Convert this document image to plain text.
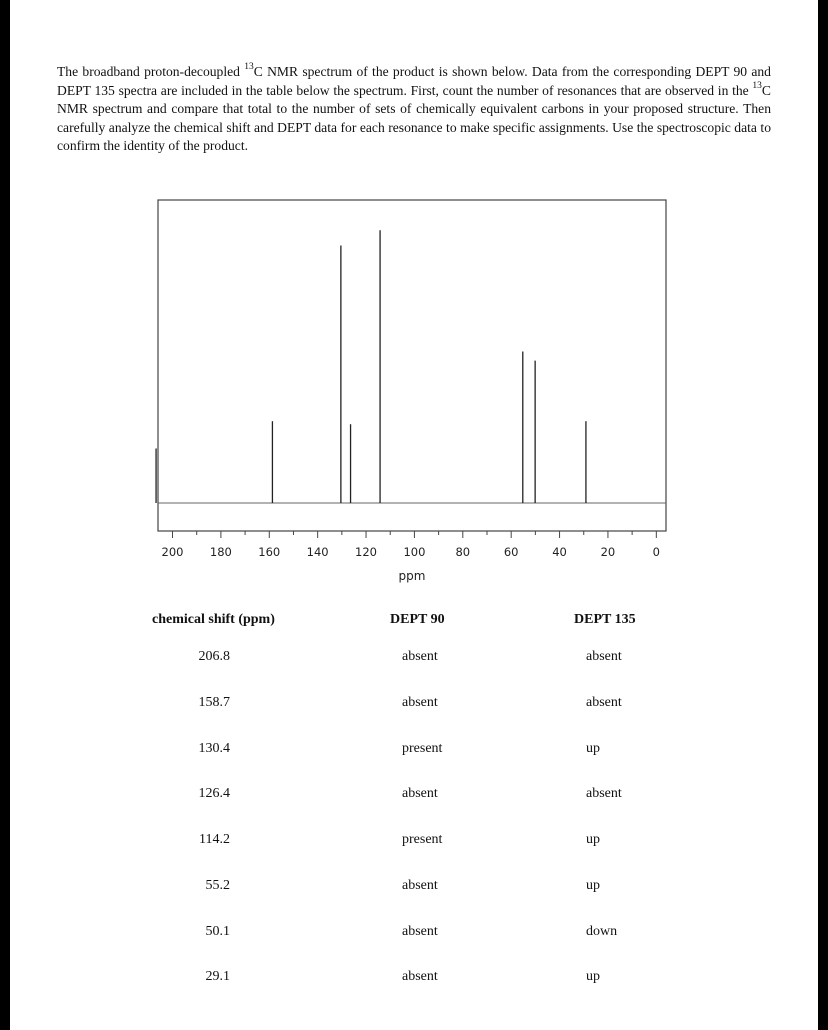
The broadband proton-decoupled $^{13}$C NMR spectrum of the product is shown below. Data from the corresponding DEPT 90 and DEPT 135 spectra are included in the table below the spectrum. First, count the number of resonances that are observed in the $^{13}$C NMR spectrum and compare that total to the number of sets of chemically equivalent carbons in your proposed structure. Then carefully analyze the chemical shift and DEPT data for each resonance to make specific assignments. Use the spectroscopic data to confirm the identity of the product.
200 180 160 140 120 100	80	60	40	20	0
ppm
chemical shift (ppm)	DEPT 90	DEPT 135
206.8	absent	absent
158.7	absent	absent
130.4	present	up
126.4	absent	absent
114.2	present	up
55.2	absent	up
50.1	absent	down
29.1	absent	up
